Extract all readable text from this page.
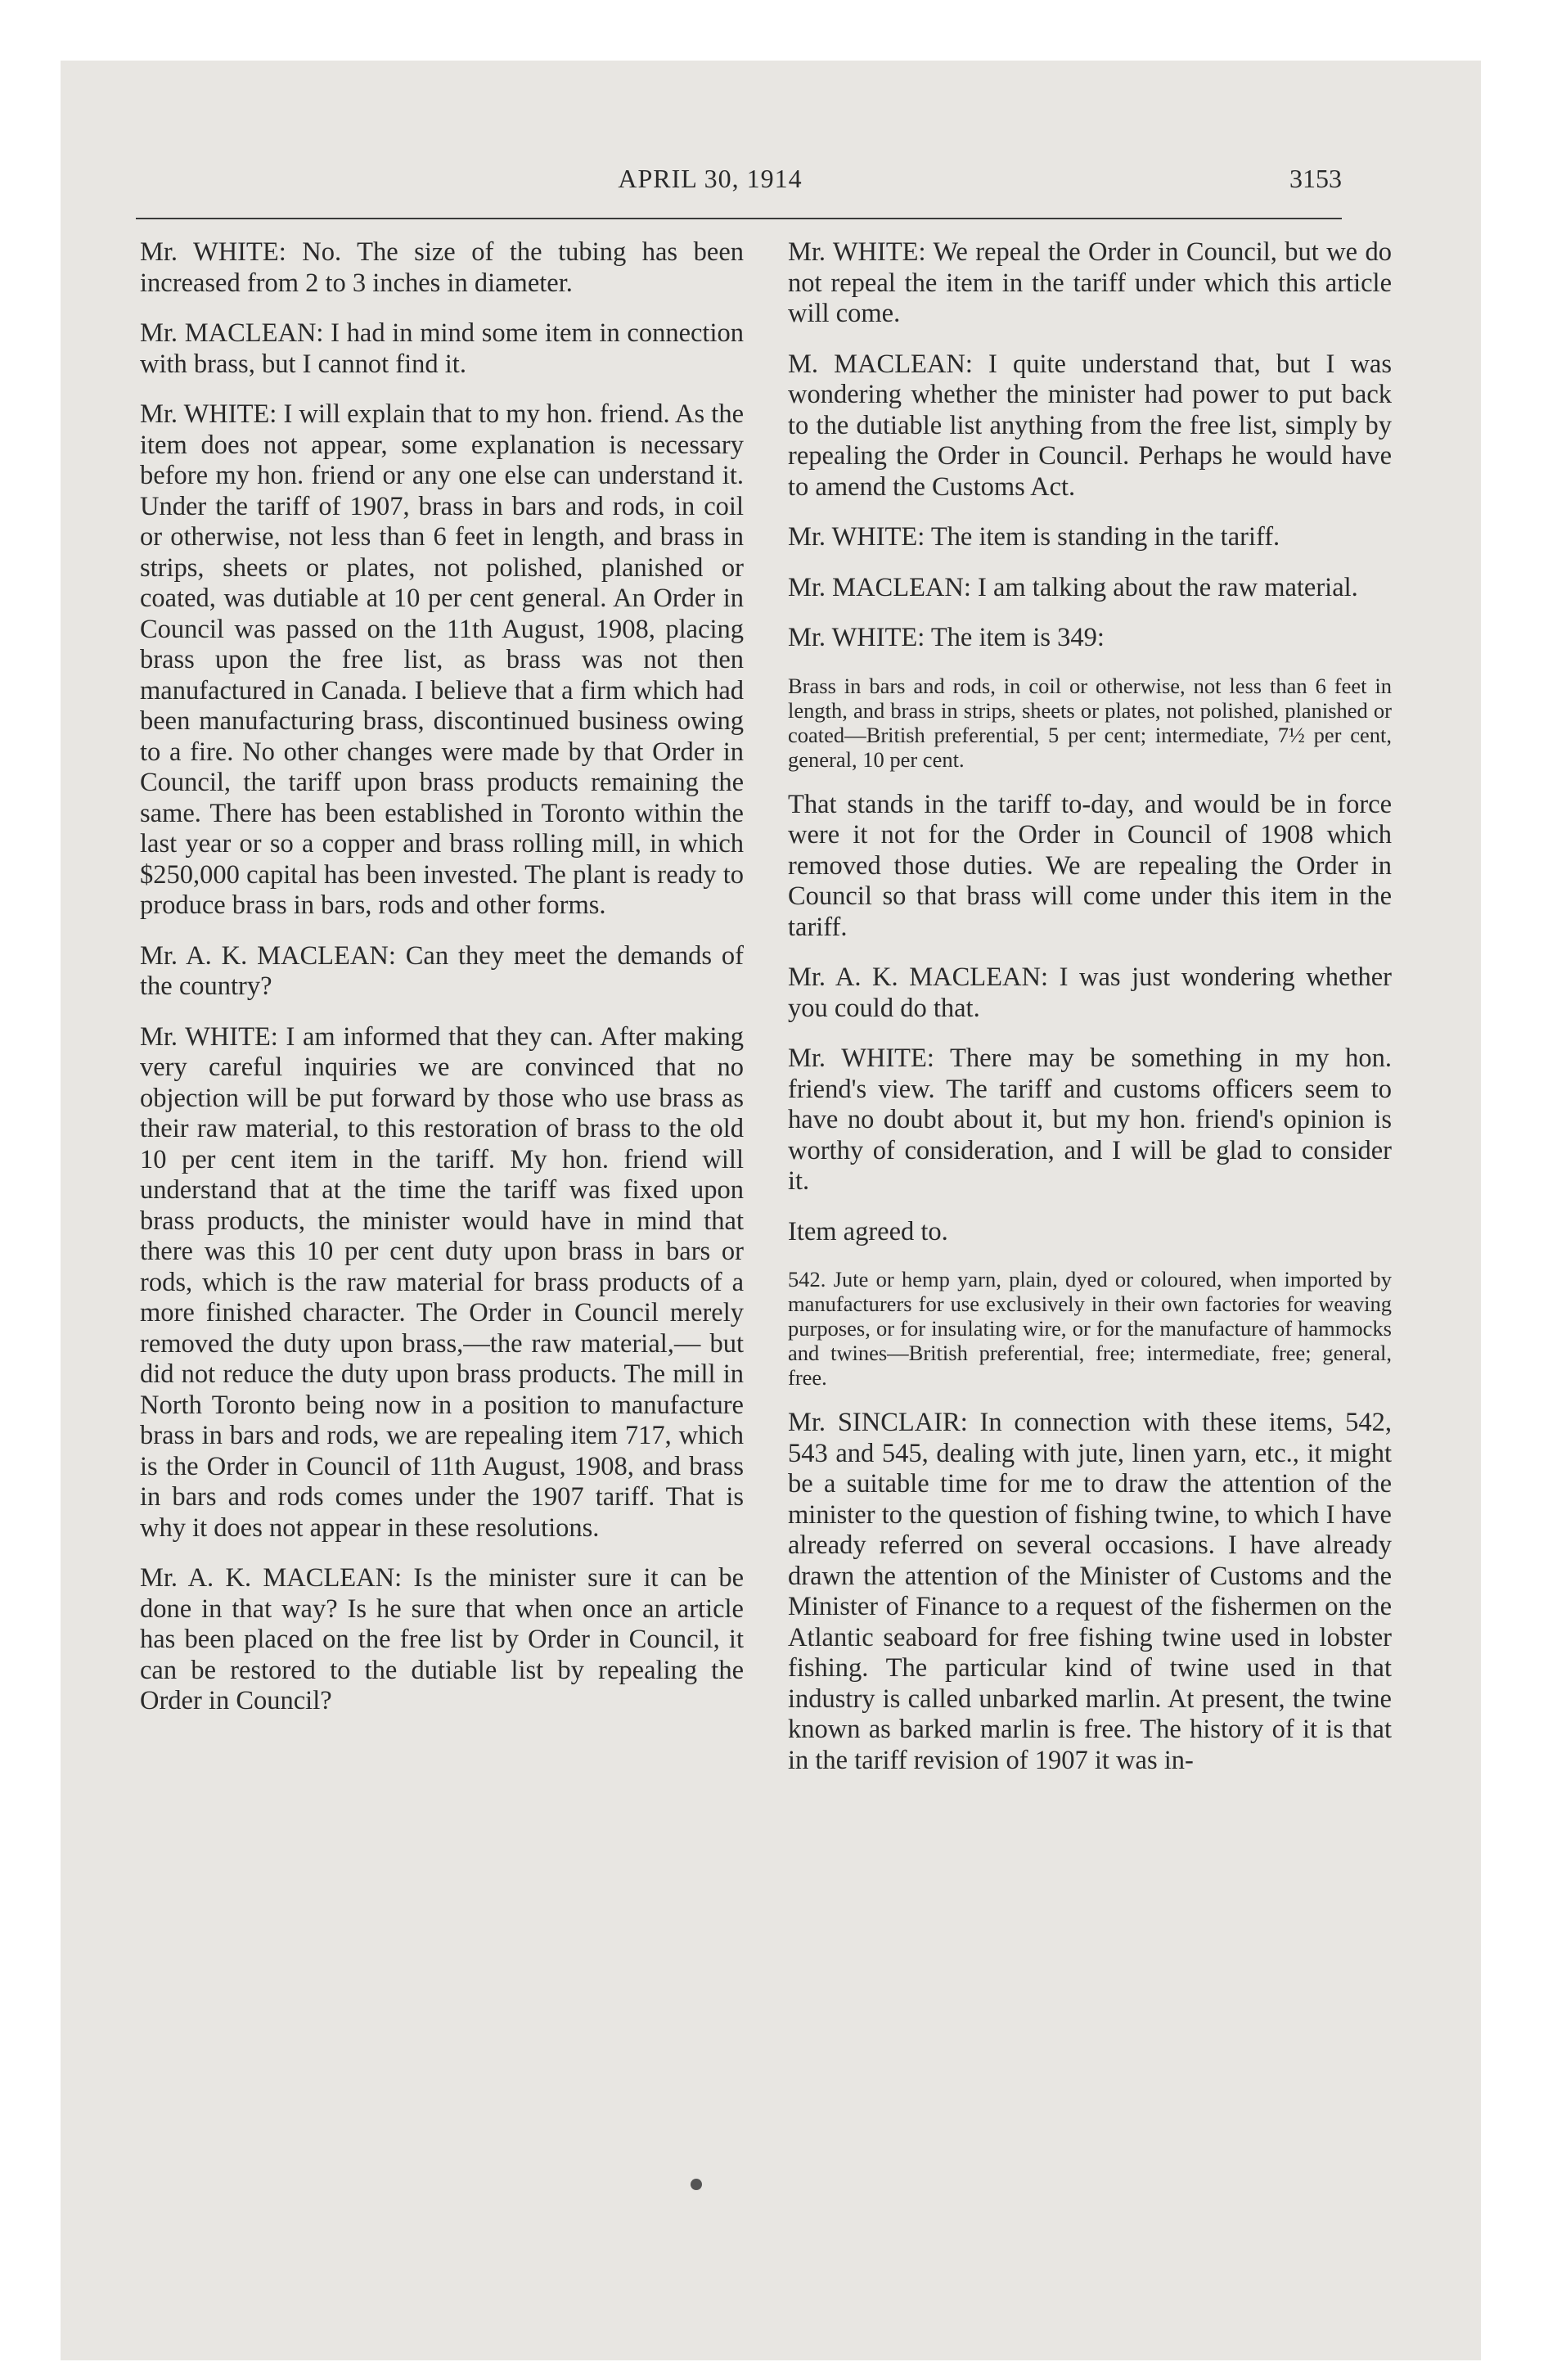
APRIL 30, 1914	3153

Mr. WHITE: No. The size of the tubing has been increased from 2 to 3 inches in diameter.

Mr. MACLEAN: I had in mind some item in connection with brass, but I cannot find it.

Mr. WHITE: I will explain that to my hon. friend. As the item does not appear, some explanation is necessary before my hon. friend or any one else can understand it. Under the tariff of 1907, brass in bars and rods, in coil or otherwise, not less than 6 feet in length, and brass in strips, sheets or plates, not polished, planished or coated, was dutiable at 10 per cent general. An Order in Council was passed on the 11th August, 1908, placing brass upon the free list, as brass was not then manufactured in Canada. I believe that a firm which had been manufacturing brass, discontinued business owing to a fire. No other changes were made by that Order in Council, the tariff upon brass products remaining the same. There has been established in Toronto within the last year or so a copper and brass rolling mill, in which $250,000 capital has been invested. The plant is ready to produce brass in bars, rods and other forms.

Mr. A. K. MACLEAN: Can they meet the demands of the country?

Mr. WHITE: I am informed that they can. After making very careful inquiries we are convinced that no objection will be put forward by those who use brass as their raw material, to this restoration of brass to the old 10 per cent item in the tariff. My hon. friend will understand that at the time the tariff was fixed upon brass products, the minister would have in mind that there was this 10 per cent duty upon brass in bars or rods, which is the raw material for brass products of a more finished character. The Order in Council merely removed the duty upon brass,—the raw material,— but did not reduce the duty upon brass products. The mill in North Toronto being now in a position to manufacture brass in bars and rods, we are repealing item 717, which is the Order in Council of 11th August, 1908, and brass in bars and rods comes under the 1907 tariff. That is why it does not appear in these resolutions.

Mr. A. K. MACLEAN: Is the minister sure it can be done in that way? Is he sure that when once an article has been placed on the free list by Order in Council, it can be restored to the dutiable list by repealing the Order in Council?

Mr. WHITE: We repeal the Order in Council, but we do not repeal the item in the tariff under which this article will come.

M. MACLEAN: I quite understand that, but I was wondering whether the minister had power to put back to the dutiable list anything from the free list, simply by repealing the Order in Council. Perhaps he would have to amend the Customs Act.

Mr. WHITE: The item is standing in the tariff.

Mr. MACLEAN: I am talking about the raw material.

Mr. WHITE: The item is 349:

Brass in bars and rods, in coil or otherwise, not less than 6 feet in length, and brass in strips, sheets or plates, not polished, planished or coated—British preferential, 5 per cent; intermediate, 7½ per cent, general, 10 per cent.

That stands in the tariff to-day, and would be in force were it not for the Order in Council of 1908 which removed those duties. We are repealing the Order in Council so that brass will come under this item in the tariff.

Mr. A. K. MACLEAN: I was just wondering whether you could do that.

Mr. WHITE: There may be something in my hon. friend's view. The tariff and customs officers seem to have no doubt about it, but my hon. friend's opinion is worthy of consideration, and I will be glad to consider it.

Item agreed to.

542. Jute or hemp yarn, plain, dyed or coloured, when imported by manufacturers for use exclusively in their own factories for weaving purposes, or for insulating wire, or for the manufacture of hammocks and twines—British preferential, free; intermediate, free; general, free.

Mr. SINCLAIR: In connection with these items, 542, 543 and 545, dealing with jute, linen yarn, etc., it might be a suitable time for me to draw the attention of the minister to the question of fishing twine, to which I have already referred on several occasions. I have already drawn the attention of the Minister of Customs and the Minister of Finance to a request of the fishermen on the Atlantic seaboard for free fishing twine used in lobster fishing. The particular kind of twine used in that industry is called unbarked marlin. At present, the twine known as barked marlin is free. The history of it is that in the tariff revision of 1907 it was in-
